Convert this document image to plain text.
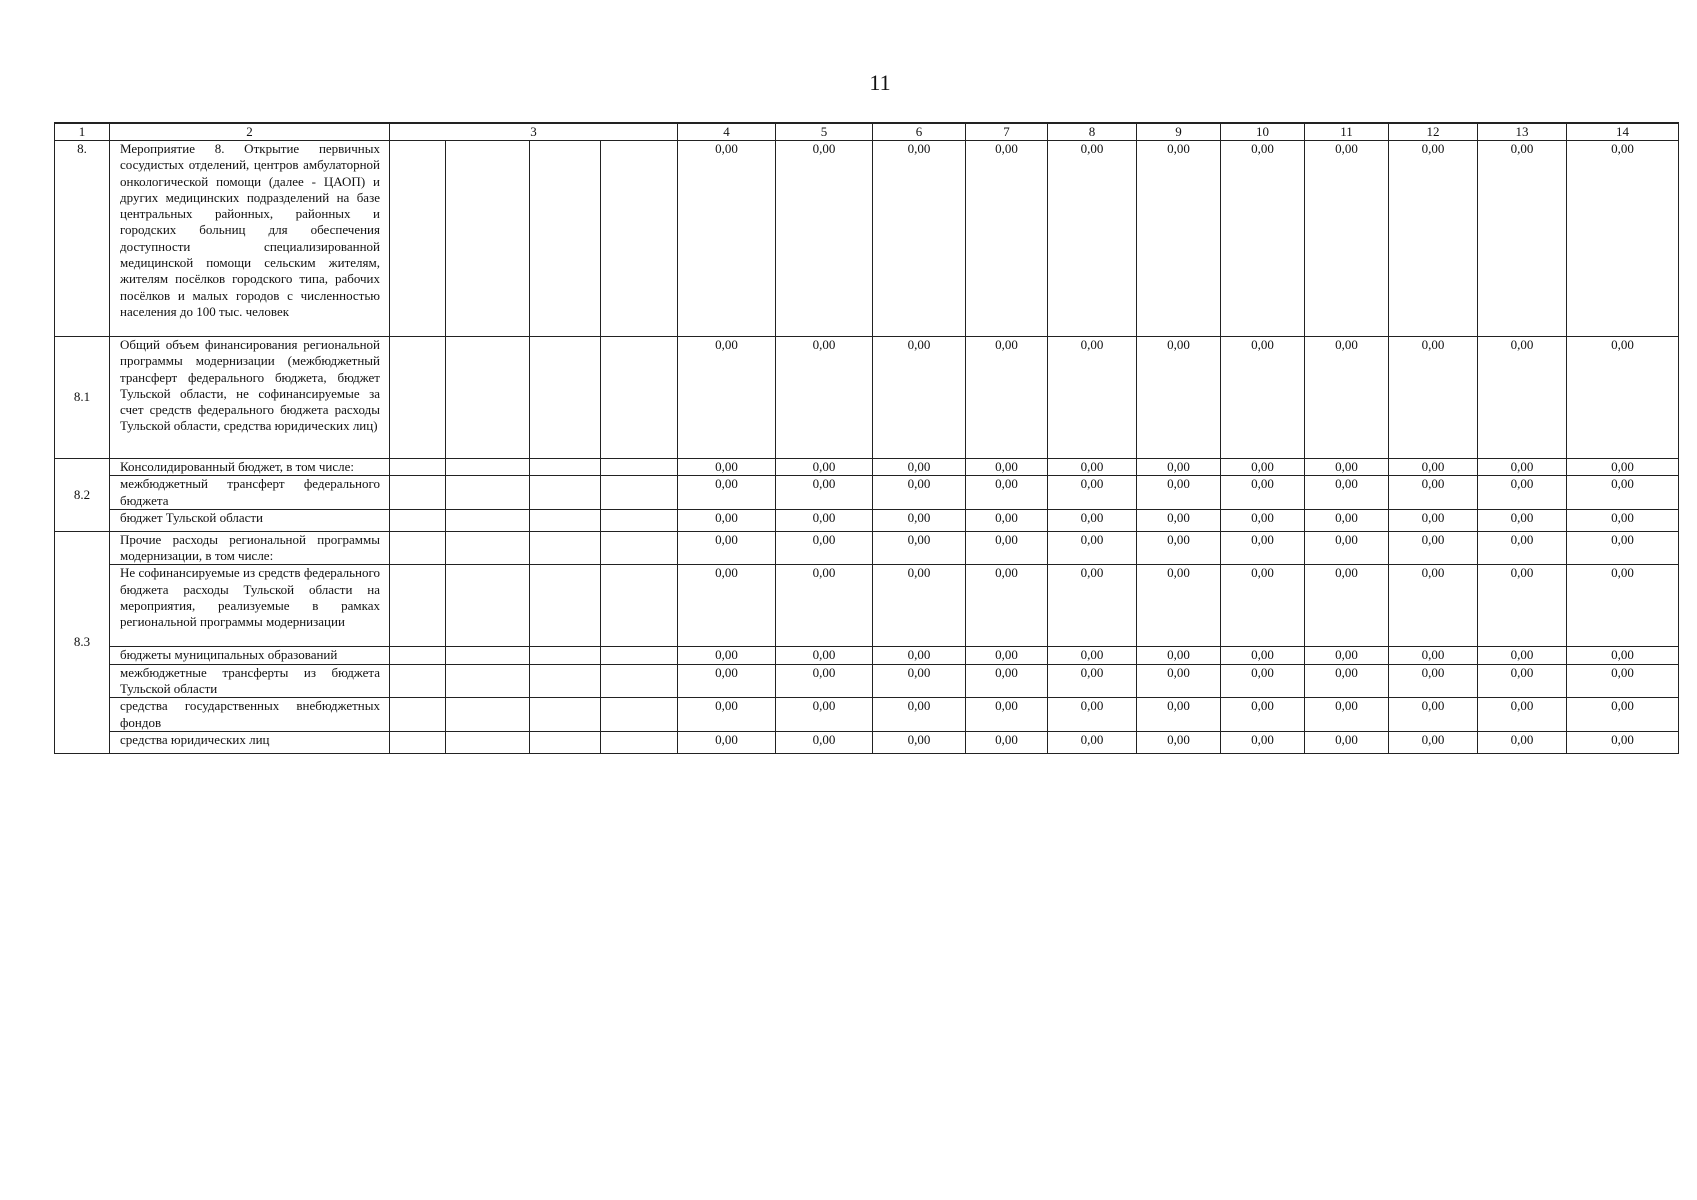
11
1	2	3				4	5	6	7	8	9	10	11	12	13	14
8.	Мероприятие 8. Открытие первичных сосудистых отделений, центров амбулаторной онкологической помощи (далее - ЦАОП) и других медицинских подразделений на базе центральных районных, районных и городских больниц для обеспечения доступности специализированной медицинской помощи сельским жителям, жителям посёлков городского типа, рабочих посёлков и малых городов с численностью населения до 100 тыс. человек					0,00	0,00	0,00	0,00	0,00	0,00	0,00	0,00	0,00	0,00	0,00
8.1	Общий объем финансирования региональной программы модернизации (межбюджетный трансферт федерального бюджета, бюджет Тульской области, не софинансируемые за счет средств федерального бюджета расходы Тульской области, средства юридических лиц)					0,00	0,00	0,00	0,00	0,00	0,00	0,00	0,00	0,00	0,00	0,00
8.2	Консолидированный бюджет, в том числе:					0,00	0,00	0,00	0,00	0,00	0,00	0,00	0,00	0,00	0,00	0,00
	межбюджетный трансферт федерального бюджета					0,00	0,00	0,00	0,00	0,00	0,00	0,00	0,00	0,00	0,00	0,00
	бюджет Тульской области					0,00	0,00	0,00	0,00	0,00	0,00	0,00	0,00	0,00	0,00	0,00
8.3	Прочие расходы региональной программы модернизации, в том числе:					0,00	0,00	0,00	0,00	0,00	0,00	0,00	0,00	0,00	0,00	0,00
	Не софинансируемые из средств федерального бюджета расходы Тульской области на мероприятия, реализуемые в рамках региональной программы модернизации					0,00	0,00	0,00	0,00	0,00	0,00	0,00	0,00	0,00	0,00	0,00
	бюджеты муниципальных образований					0,00	0,00	0,00	0,00	0,00	0,00	0,00	0,00	0,00	0,00	0,00
	межбюджетные трансферты из бюджета Тульской области					0,00	0,00	0,00	0,00	0,00	0,00	0,00	0,00	0,00	0,00	0,00
	средства государственных внебюджетных фондов					0,00	0,00	0,00	0,00	0,00	0,00	0,00	0,00	0,00	0,00	0,00
	средства юридических лиц					0,00	0,00	0,00	0,00	0,00	0,00	0,00	0,00	0,00	0,00	0,00
